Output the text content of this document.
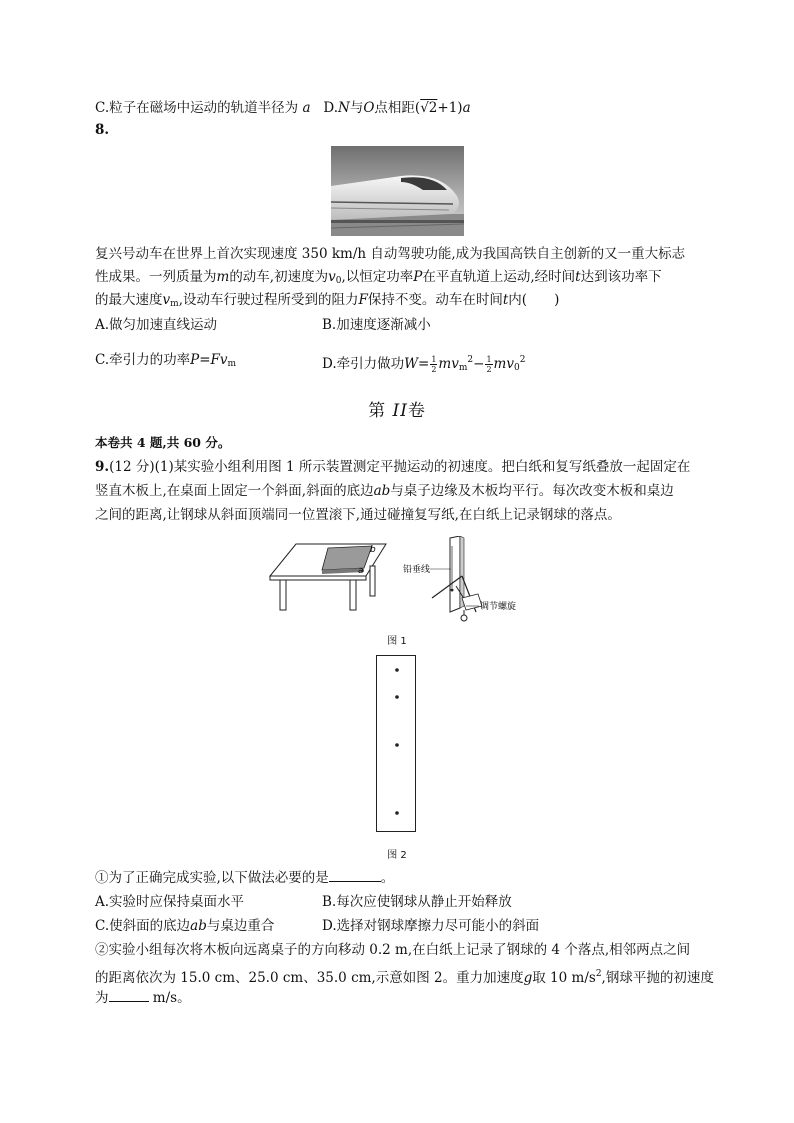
C.粒子在磁场中运动的轨道半径为 a D.N与O点相距(√2+1)a
8.
复兴号动车在世界上首次实现速度 350 km/h 自动驾驶功能,成为我国高铁自主创新的又一重大标志
性成果。一列质量为m的动车,初速度为$v_0$,以恒定功率P在平直轨道上运动,经时间t达到该功率下
的最大速度$v_m$,设动车行驶过程所受到的阻力F保持不变。动车在时间t内(　　)
A.做匀加速直线运动	B.加速度逐渐减小
C.牵引力的功率$P=Fv_m$	D.牵引力做功$W= \frac{1}{2} mv_m^2- \frac{1}{2} mv_0^2$
第 II卷
本卷共 4 题,共 60 分。
9.(12 分)(1)某实验小组利用图 1 所示装置测定平抛运动的初速度。把白纸和复写纸叠放一起固定在
竖直木板上,在桌面上固定一个斜面,斜面的底边ab与桌子边缘及木板均平行。每次改变木板和桌边
之间的距离,让钢球从斜面顶端同一位置滚下,通过碰撞复写纸,在白纸上记录钢球的落点。
b
a	铅垂线
调节螺旋
图 1
图 2
①为了正确完成实验,以下做法必要的是	。
A.实验时应保持桌面水平	B.每次应使钢球从静止开始释放
C.使斜面的底边ab与桌边重合	D.选择对钢球摩擦力尽可能小的斜面
②实验小组每次将木板向远离桌子的方向移动 0.2 m,在白纸上记录了钢球的 4 个落点,相邻两点之间
的距离依次为 15.0 cm、25.0 cm、35.0 cm,示意如图 2。重力加速度g取 10 $m/s^2$,钢球平抛的初速度
为	m/s。
